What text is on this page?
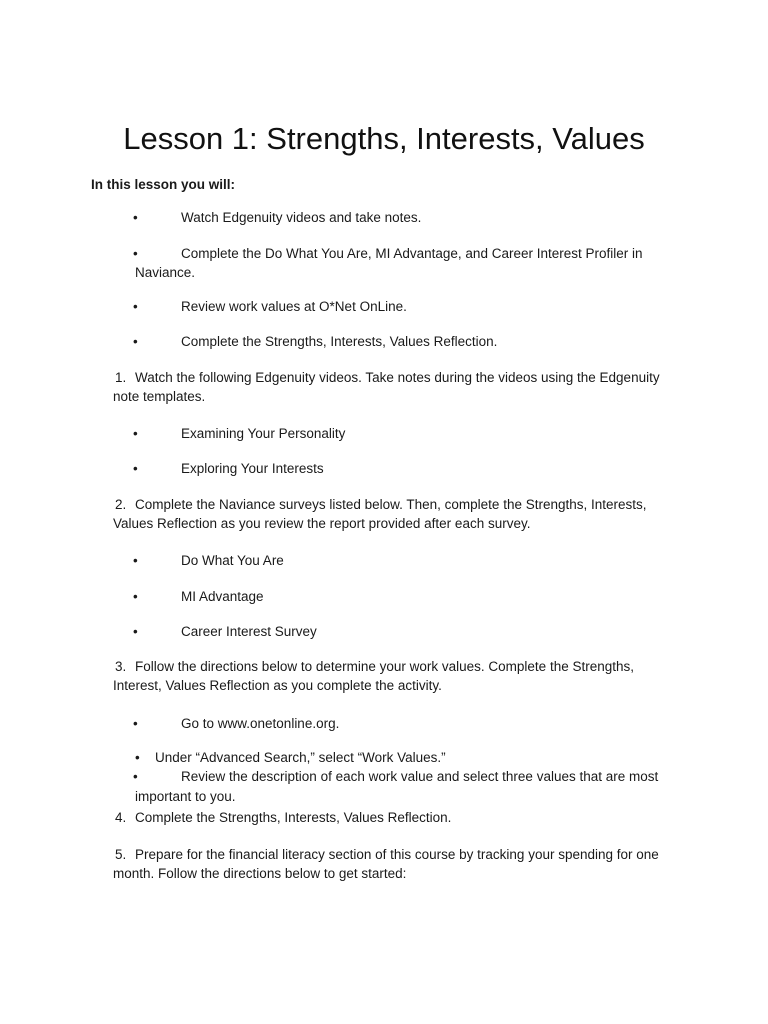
Lesson 1: Strengths, Interests, Values
In this lesson you will:
•	Watch Edgenuity videos and take notes.
•	Complete the Do What You Are, MI Advantage, and Career Interest Profiler in
Naviance.
•	Review work values at O*Net OnLine.
•	Complete the Strengths, Interests, Values Reflection.
1. Watch the following Edgenuity videos. Take notes during the videos using the Edgenuity
note templates.
•	Examining Your Personality
•	Exploring Your Interests
2. Complete the Naviance surveys listed below. Then, complete the Strengths, Interests,
Values Reflection as you review the report provided after each survey.
•	Do What You Are
•	MI Advantage
•	Career Interest Survey
3. Follow the directions below to determine your work values. Complete the Strengths,
Interest, Values Reflection as you complete the activity.
•	Go to www.onetonline.org.
• Under “Advanced Search,” select “Work Values.”
•	Review the description of each work value and select three values that are most
important to you.
4. Complete the Strengths, Interests, Values Reflection.
5. Prepare for the financial literacy section of this course by tracking your spending for one
month. Follow the directions below to get started:
